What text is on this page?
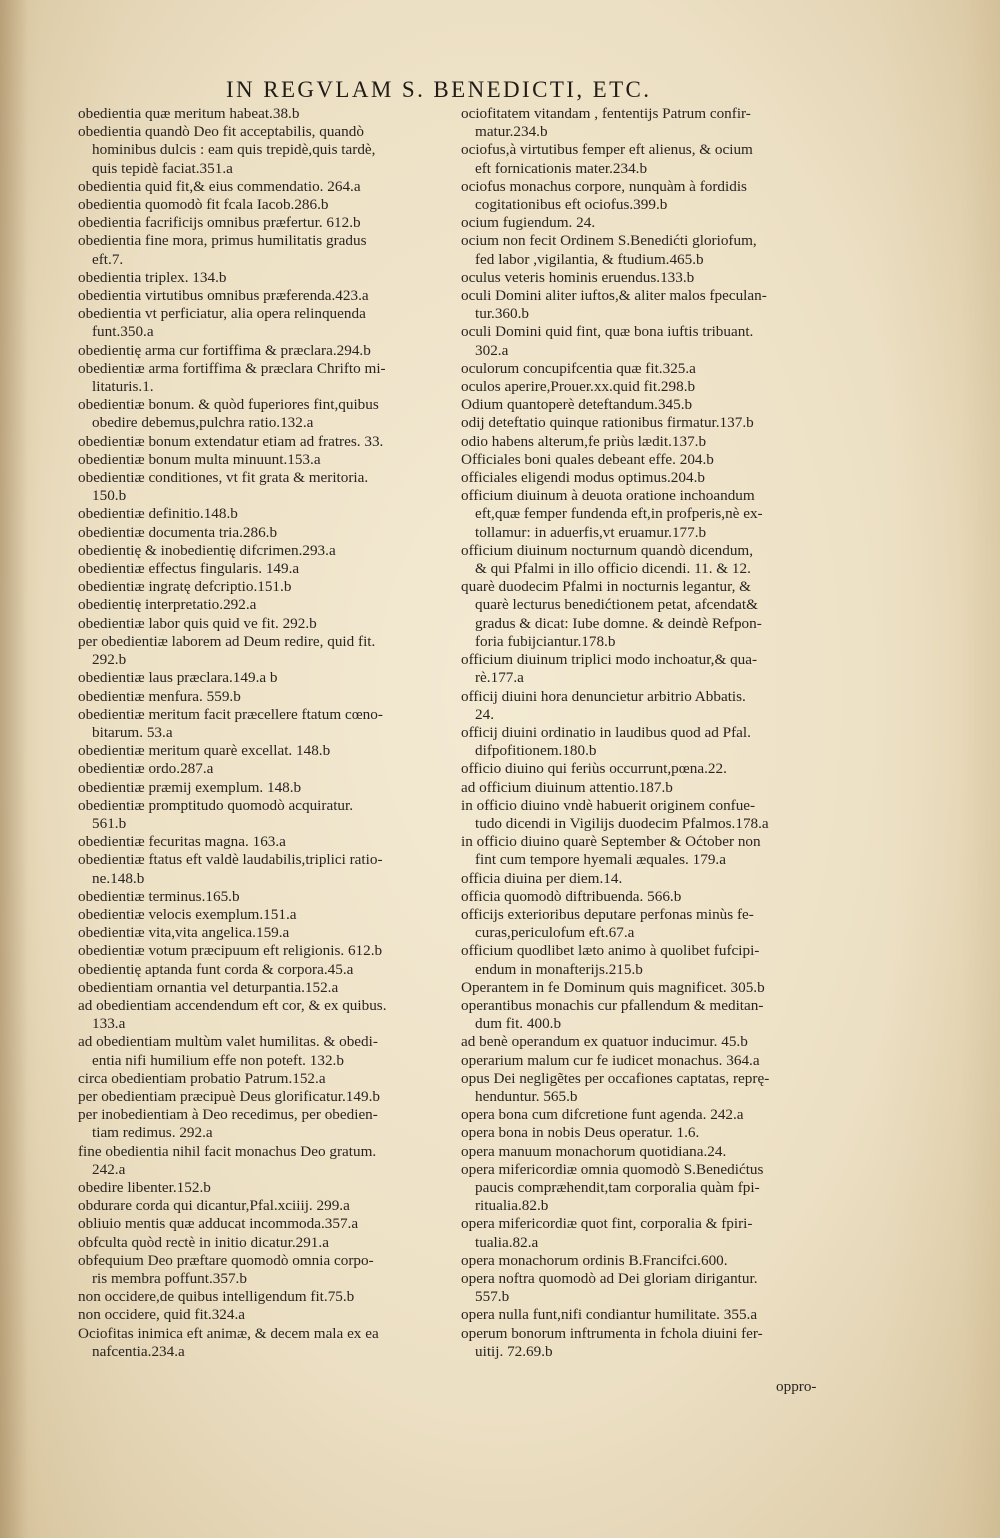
IN REGVLAM S. BENEDICTI, ETC.
obedientia quæ meritum habeat.38.b
obedientia quandò Deo fit acceptabilis, quandò
hominibus dulcis : eam quis trepidè,quis tardè,
quis tepidè faciat.351.a
obedientia quid fit,& eius commendatio. 264.a
obedientia quomodò fit fcala Iacob.286.b
obedientia facrificijs omnibus præfertur. 612.b
obedientia fine mora, primus humilitatis gradus
eft.7.
obedientia triplex. 134.b
obedientia virtutibus omnibus præferenda.423.a
obedientia vt perficiatur, alia opera relinquenda
funt.350.a
obedientię arma cur fortiffima & præclara.294.b
obedientiæ arma fortiffima & præclara Chrifto mi-
litaturis.1.
obedientiæ bonum. & quòd fuperiores fint,quibus
obedire debemus,pulchra ratio.132.a
obedientiæ bonum extendatur etiam ad fratres. 33.
obedientiæ bonum multa minuunt.153.a
obedientiæ conditiones, vt fit grata & meritoria.
150.b
obedientiæ definitio.148.b
obedientiæ documenta tria.286.b
obedientię & inobedientię difcrimen.293.a
obedientiæ effectus fingularis. 149.a
obedientiæ ingratę defcriptio.151.b
obedientię interpretatio.292.a
obedientiæ labor quis quid ve fit. 292.b
per obedientiæ laborem ad Deum redire, quid fit.
292.b
obedientiæ laus præclara.149.a b
obedientiæ menfura. 559.b
obedientiæ meritum facit præcellere ftatum cœno-
bitarum. 53.a
obedientiæ meritum quarè excellat. 148.b
obedientiæ ordo.287.a
obedientiæ præmij exemplum. 148.b
obedientiæ promptitudo quomodò acquiratur.
561.b
obedientiæ fecuritas magna. 163.a
obedientiæ ftatus eft valdè laudabilis,triplici ratio-
ne.148.b
obedientiæ terminus.165.b
obedientiæ velocis exemplum.151.a
obedientiæ vita,vita angelica.159.a
obedientiæ votum præcipuum eft religionis. 612.b
obedientię aptanda funt corda & corpora.45.a
obedientiam ornantia vel deturpantia.152.a
ad obedientiam accendendum eft cor, & ex quibus.
133.a
ad obedientiam multùm valet humilitas. & obedi-
entia nifi humilium effe non poteft. 132.b
circa obedientiam probatio Patrum.152.a
per obedientiam præcipuè Deus glorificatur.149.b
per inobedientiam à Deo recedimus, per obedien-
tiam redimus. 292.a
fine obedientia nihil facit monachus Deo gratum.
242.a
obedire libenter.152.b
obdurare corda qui dicantur,Pfal.xciiij. 299.a
obliuio mentis quæ adducat incommoda.357.a
obfculta quòd rectè in initio dicatur.291.a
obfequium Deo præftare quomodò omnia corpo-
ris membra poffunt.357.b
non occidere,de quibus intelligendum fit.75.b
non occidere, quid fit.324.a
Ociofitas inimica eft animæ, & decem mala ex ea
nafcentia.234.a
ociofitatem vitandam , fententijs Patrum confir-
matur.234.b
ociofus,à virtutibus femper eft alienus, & ocium
eft fornicationis mater.234.b
ociofus monachus corpore, nunquàm à fordidis
cogitationibus eft ociofus.399.b
ocium fugiendum. 24.
ocium non fecit Ordinem S.Benedićti gloriofum,
fed labor ,vigilantia, & ftudium.465.b
oculus veteris hominis eruendus.133.b
oculi Domini aliter iuftos,& aliter malos fpeculan-
tur.360.b
oculi Domini quid fint, quæ bona iuftis tribuant.
302.a
oculorum concupifcentia quæ fit.325.a
oculos aperire,Prouer.xx.quid fit.298.b
Odium quantoperè deteftandum.345.b
odij deteftatio quinque rationibus firmatur.137.b
odio habens alterum,fe priùs lædit.137.b
Officiales boni quales debeant effe. 204.b
officiales eligendi modus optimus.204.b
officium diuinum à deuota oratione inchoandum
eft,quæ femper fundenda eft,in profperis,nè ex-
tollamur: in aduerfis,vt eruamur.177.b
officium diuinum nocturnum quandò dicendum,
& qui Pfalmi in illo officio dicendi. 11. & 12.
quarè duodecim Pfalmi in nocturnis legantur, &
quarè lecturus benedićtionem petat, afcendat&
gradus & dicat: Iube domne. & deindè Refpon-
foria fubijciantur.178.b
officium diuinum triplici modo inchoatur,& qua-
rè.177.a
officij diuini hora denuncietur arbitrio Abbatis.
24.
officij diuini ordinatio in laudibus quod ad Pfal.
difpofitionem.180.b
officio diuino qui feriùs occurrunt,pœna.22.
ad officium diuinum attentio.187.b
in officio diuino vndè habuerit originem confue-
tudo dicendi in Vigilijs duodecim Pfalmos.178.a
in officio diuino quarè September & Oćtober non
fint cum tempore hyemali æquales. 179.a
officia diuina per diem.14.
officia quomodò diftribuenda. 566.b
officijs exterioribus deputare perfonas minùs fe-
curas,periculofum eft.67.a
officium quodlibet læto animo à quolibet fufcipi-
endum in monafterijs.215.b
Operantem in fe Dominum quis magnificet. 305.b
operantibus monachis cur pfallendum & meditan-
dum fit. 400.b
ad benè operandum ex quatuor inducimur. 45.b
operarium malum cur fe iudicet monachus. 364.a
opus Dei negligẽtes per occafiones captatas, reprę-
henduntur. 565.b
opera bona cum difcretione funt agenda. 242.a
opera bona in nobis Deus operatur. 1.6.
opera manuum monachorum quotidiana.24.
opera mifericordiæ omnia quomodò S.Benedićtus
paucis compræhendit,tam corporalia quàm fpi-
ritualia.82.b
opera mifericordiæ quot fint, corporalia & fpiri-
tualia.82.a
opera monachorum ordinis B.Francifci.600.
opera noftra quomodò ad Dei gloriam dirigantur.
557.b
opera nulla funt,nifi condiantur humilitate. 355.a
operum bonorum inftrumenta in fchola diuini fer-
uitij. 72.69.b
oppro-
